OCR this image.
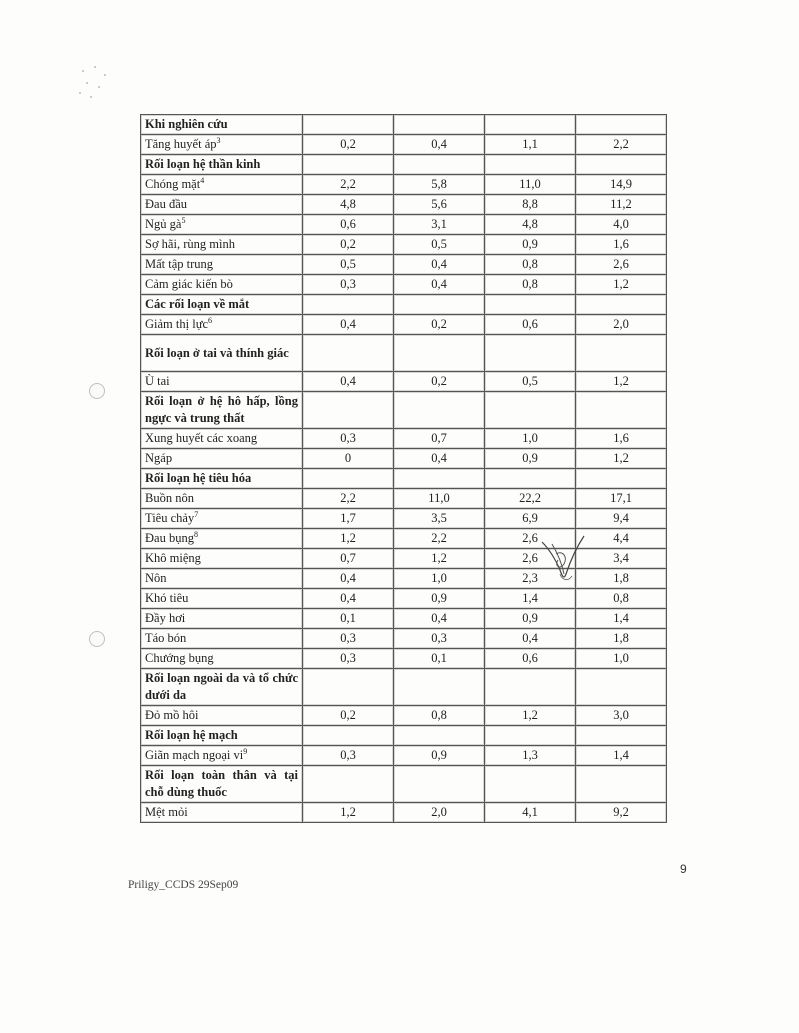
Khi nghiên cứu				
Tăng huyết $áp^3$	0,2	0,4	1,1	2,2
Rối loạn hệ thần kinh				
Chóng mặt$^4$	2,2	5,8	11,0	14,9
Đau đầu	4,8	5,6	8,8	11,2
Ngủ $gà^5$	0,6	3,1	4,8	4,0
Sợ hãi, rùng mình	0,2	0,5	0,9	1,6
Mất tập trung	0,5	0,4	0,8	2,6
Cảm giác kiến bò	0,3	0,4	0,8	1,2
Các rối loạn về mắt				
Giảm thị lực$^6$	0,4	0,2	0,6	2,0
Rối loạn ở tai và thính giác				
Ù tai	0,4	0,2	0,5	1,2
Rối loạn ở hệ hô hấp, lồng ngực và trung thất				
Xung huyết các xoang	0,3	0,7	1,0	1,6
Ngáp	0	0,4	0,9	1,2
Rối loạn hệ tiêu hóa				
Buồn nôn	2,2	11,0	22,2	17,1
Tiêu chảy$^7$	1,7	3,5	6,9	9,4
Đau bụng$^8$	1,2	2,2	2,6	4,4
Khô miệng	0,7	1,2	2,6	3,4
Nôn	0,4	1,0	2,3	1,8
Khó tiêu	0,4	0,9	1,4	0,8
Đầy hơi	0,1	0,4	0,9	1,4
Táo bón	0,3	0,3	0,4	1,8
Chướng bụng	0,3	0,1	0,6	1,0
Rối loạn ngoài da và tổ chức dưới da				
Đỏ mồ hôi	0,2	0,8	1,2	3,0
Rối loạn hệ mạch				
Giãn mạch ngoại $vi^9$	0,3	0,9	1,3	1,4
Rối loạn toàn thân và tại chỗ dùng thuốc				
Mệt mỏi	1,2	2,0	4,1	9,2
9
Priligy_CCDS 29Sep09
